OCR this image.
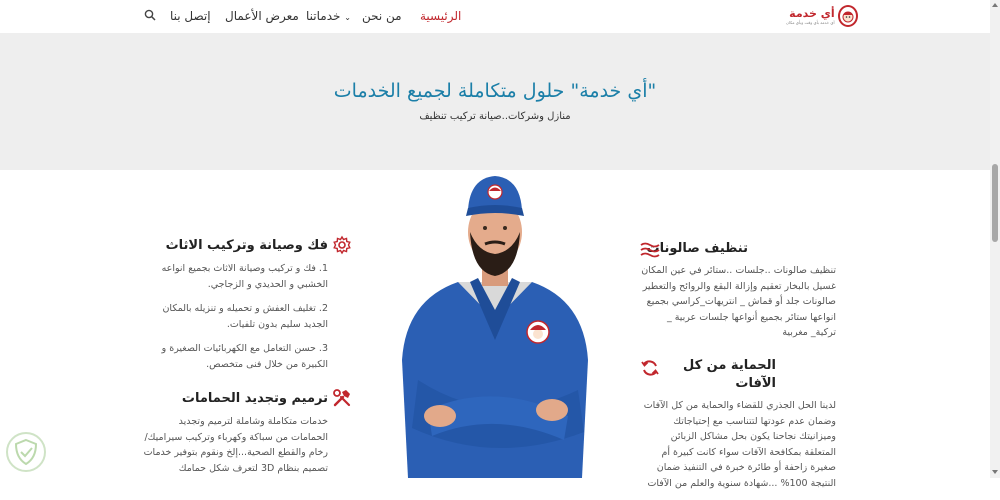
أي خدمة
أي خدمة بأي وقت وبأي مكان
الرئيسية
من نحن
خدماتنا ⌄
معرض الأعمال
إتصل بنا
"أي خدمة" حلول متكاملة لجميع الخدمات
منازل وشركات..صيانة تركيب تنظيف
فك وصيانة وتركيب الاثاث

1. فك و تركيب وصيانة الاثاث بجميع انواعه الخشبي و الحديدي و الزجاجي.

2. تغليف العفش و تحميله و تنزيله بالمكان الجديد سليم بدون تلفيات.

3. حسن التعامل مع الكهربائيات الصغيرة و الكبيرة من خلال فنى متخصص.

ترميم وتجديد الحمامات

خدمات متكاملة وشاملة لترميم وتجديد الحمامات من سباكة وكهرباء وتركيب سيراميك/ رخام والقطع الصحية...إلخ ونقوم بتوفير خدمات تصميم بنظام 3D لتعرف شكل حمامك

تنظيف صالونات

تنظيف صالونات ..جلسات ..ستائر في عين المكان غسيل بالبخار تعقيم وإزالة البقع والروائح والتعطير صالونات جلد أو قماش _ انتريهات_كراسي بجميع انواعها ستائر بجميع أنواعها جلسات عربية _ تركية_ مغربية

الحماية من كل الآفات

لدينا الحل الجذري للقضاء والحماية من كل الآفات وضمان عدم عودتها لتتناسب مع إحتياجاتك وميزانيتك نجاحنا يكون بحل مشاكل الزبائن المتعلقة بمكافحة الآفات سواء كانت كبيرة أم صغيرة زاحفة أو طائرة خبرة في التنفيذ ضمان النتيجة 100% ...شهادة سنوية والعلم من الآفات
